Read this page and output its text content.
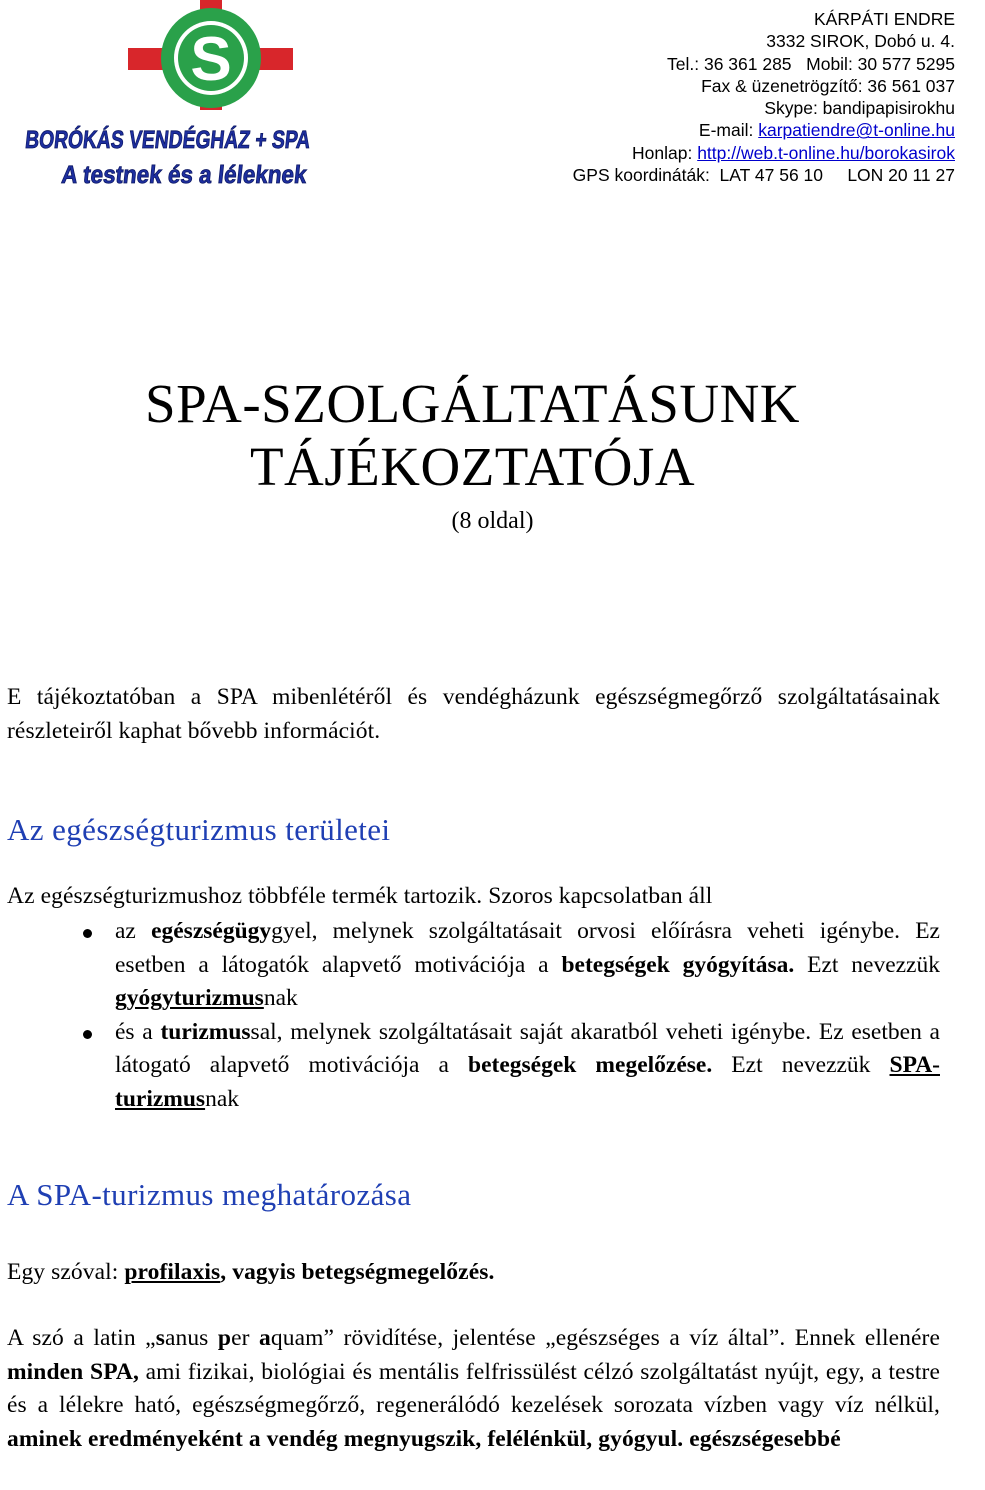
S
BORÓKÁS VENDÉGHÁZ + SPA
A testnek és a léleknek
KÁRPÁTI ENDRE
3332 SIROK, Dobó u. 4.
Tel.: 36 361 285   Mobil: 30 577 5295
Fax & üzenetrögzítő: 36 561 037
Skype: bandipapisirokhu
E-mail: karpatiendre@t-online.hu
Honlap: http://web.t-online.hu/borokasirok
GPS koordináták:  LAT 47 56 10     LON 20 11 27
SPA-SZOLGÁLTATÁSUNK
TÁJÉKOZTATÓJA
(8 oldal)
E tájékoztatóban a SPA mibenlétéről és vendégházunk egészségmegőrző szolgáltatásainak részleteiről kaphat bővebb információt.
Az egészségturizmus területei
Az egészségturizmushoz többféle termék tartozik. Szoros kapcsolatban áll
az egészségügygyel, melynek szolgáltatásait orvosi előírásra veheti igénybe. Ez esetben a látogatók alapvető motivációja a betegségek gyógyítása. Ezt nevezzük gyógyturizmusnak
és a turizmussal, melynek szolgáltatásait saját akaratból veheti igénybe. Ez esetben a látogató alapvető motivációja a betegségek megelőzése. Ezt nevezzük SPA-turizmusnak
A SPA-turizmus meghatározása
Egy szóval: profilaxis, vagyis betegségmegelőzés.
A szó a latin „sanus per aquam” rövidítése, jelentése „egészséges a víz által”. Ennek ellenére minden SPA, ami fizikai, biológiai és mentális felfrissülést célzó szolgáltatást nyújt, egy, a testre és a lélekre ható, egészségmegőrző, regenerálódó kezelések sorozata vízben vagy víz nélkül, aminek eredményeként a vendég megnyugszik, felélénkül, gyógyul. egészségesebbé
